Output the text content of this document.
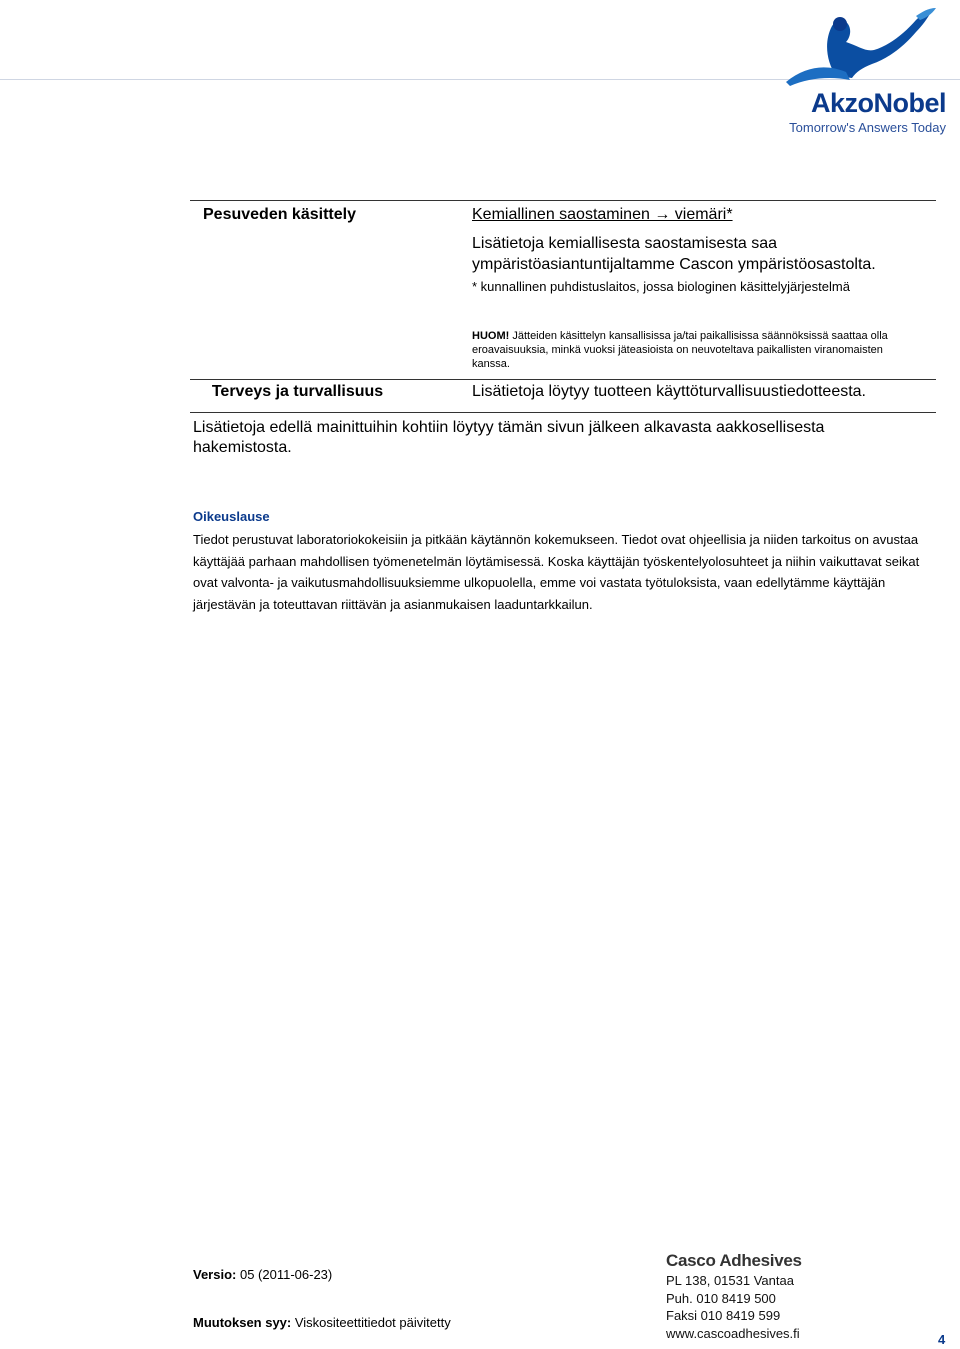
AkzoNobel
Tomorrow's Answers Today
Pesuveden käsittely	Kemiallinen saostaminen → viemäri*
Lisätietoja kemiallisesta saostamisesta saa ympäristöasiantuntijaltamme Cascon ympäristöosastolta.
* kunnallinen puhdistuslaitos, jossa biologinen käsittelyjärjestelmä
HUOM! Jätteiden käsittelyn kansallisissa ja/tai paikallisissa säännöksissä saattaa olla eroavaisuuksia, minkä vuoksi jäteasioista on neuvoteltava paikallisten viranomaisten kanssa.
Terveys ja turvallisuus	Lisätietoja löytyy tuotteen käyttöturvallisuustiedotteesta.
Lisätietoja edellä mainittuihin kohtiin löytyy tämän sivun jälkeen alkavasta aakkosellisesta hakemistosta.
Oikeuslause
Tiedot perustuvat laboratoriokokeisiin ja pitkään käytännön kokemukseen. Tiedot ovat ohjeellisia ja niiden tarkoitus on avustaa käyttäjää parhaan mahdollisen työmenetelmän löytämisessä. Koska käyttäjän työskentelyolosuhteet ja niihin vaikuttavat seikat ovat valvonta- ja vaikutusmahdollisuuksiemme ulkopuolella, emme voi vastata työtuloksista, vaan edellytämme käyttäjän järjestävän ja toteuttavan riittävän ja asianmukaisen laaduntarkkailun.
Versio: 05 (2011-06-23)
Muutoksen syy: Viskositeettitiedot päivitetty
Casco Adhesives
PL 138, 01531 Vantaa
Puh. 010 8419 500
Faksi 010 8419 599
www.cascoadhesives.fi	4
